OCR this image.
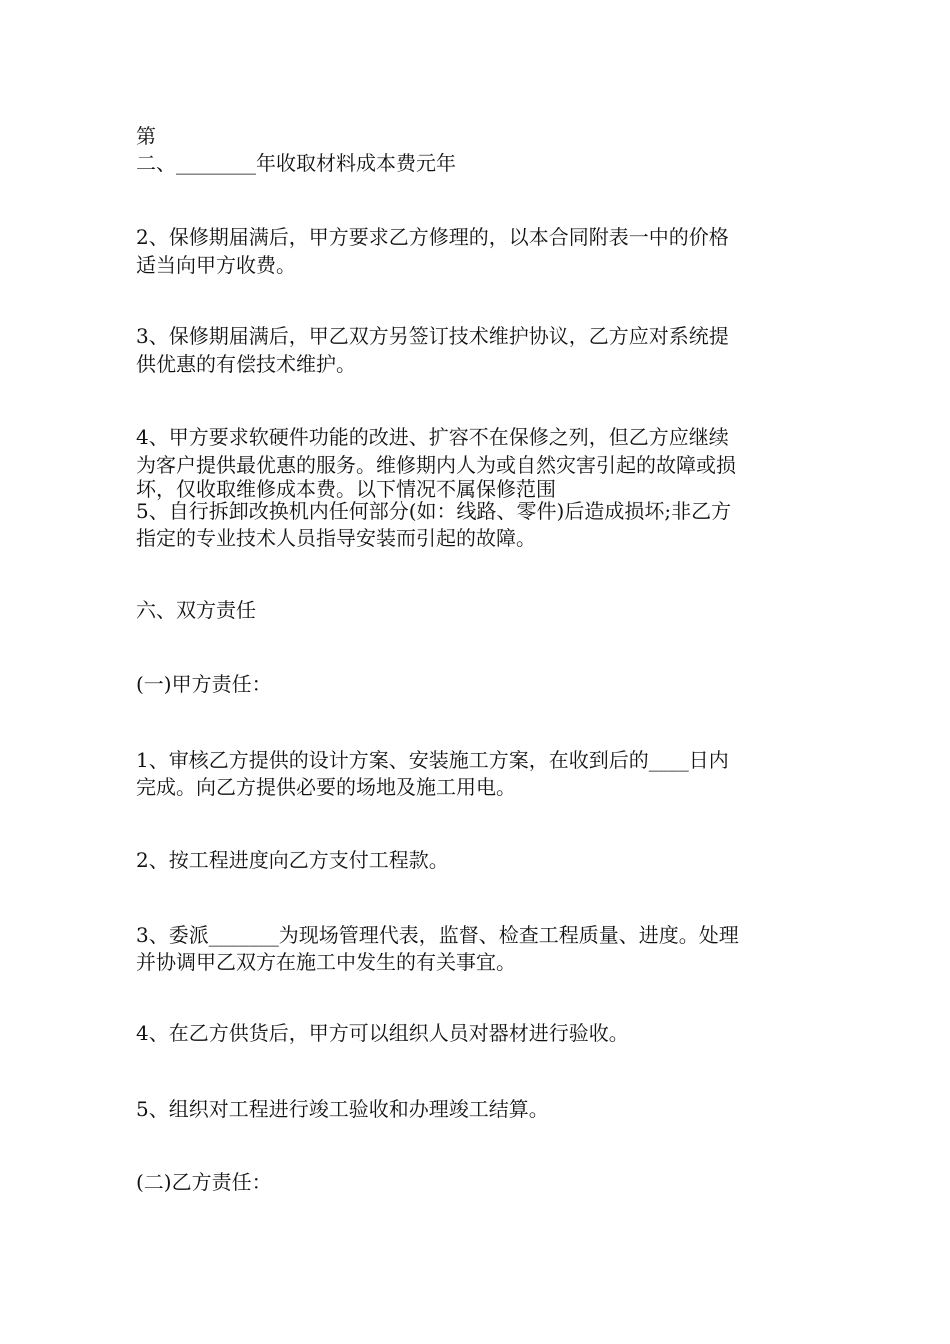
第

二、________年收取材料成本费元年

2、保修期届满后，甲方要求乙方修理的，以本合同附表一中的价格

适当向甲方收费。

3、保修期届满后，甲乙双方另签订技术维护协议，乙方应对系统提

供优惠的有偿技术维护。

4、甲方要求软硬件功能的改进、扩容不在保修之列，但乙方应继续

为客户提供最优惠的服务。维修期内人为或自然灾害引起的故障或损

坏，仅收取维修成本费。以下情况不属保修范围

5、自行拆卸改换机内任何部分(如：线路、零件)后造成损坏;非乙方

指定的专业技术人员指导安装而引起的故障。

六、双方责任

(一)甲方责任：

1、审核乙方提供的设计方案、安装施工方案，在收到后的____日内

完成。向乙方提供必要的场地及施工用电。

2、按工程进度向乙方支付工程款。

3、委派_______为现场管理代表，监督、检查工程质量、进度。处理

并协调甲乙双方在施工中发生的有关事宜。

4、在乙方供货后，甲方可以组织人员对器材进行验收。

5、组织对工程进行竣工验收和办理竣工结算。

(二)乙方责任：
